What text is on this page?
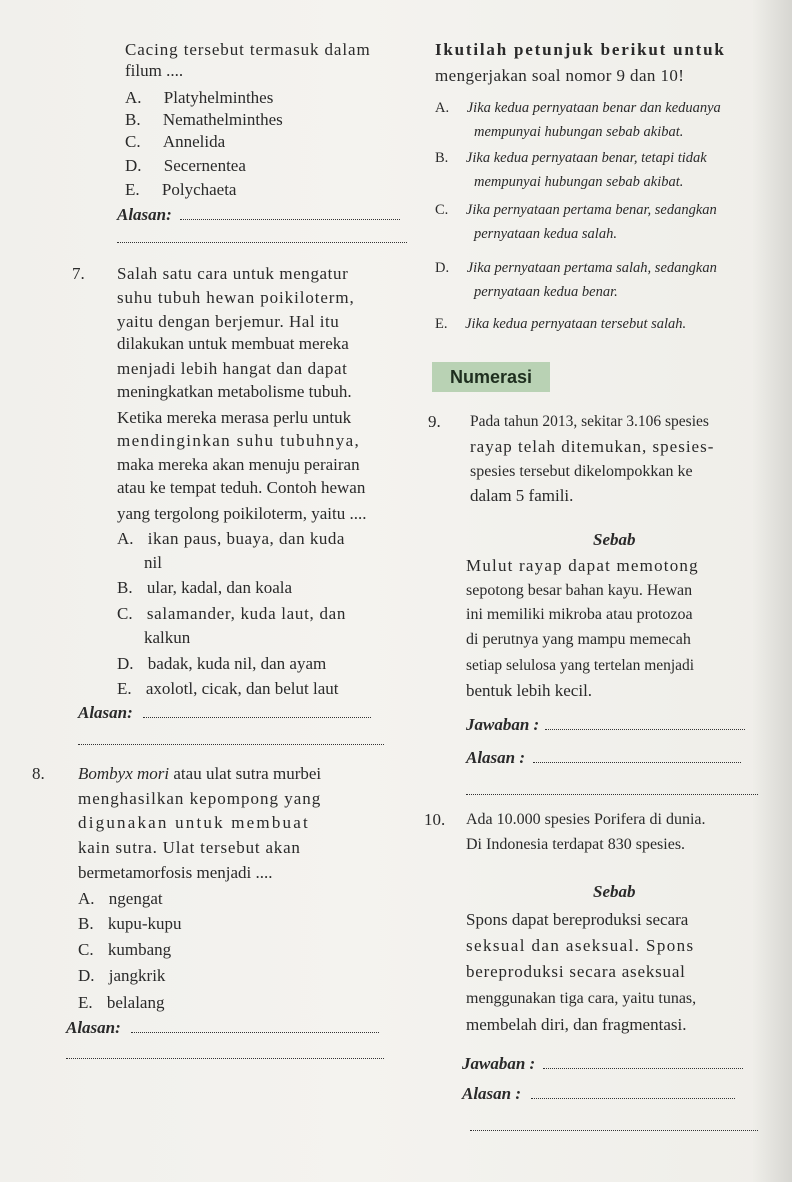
Cacing tersebut termasuk dalam
filum ....
A. Platyhelminthes
B. Nemathelminthes
C. Annelida
D. Secernentea
E. Polychaeta
Alasan:
7. Salah satu cara untuk mengatur
suhu tubuh hewan poikiloterm,
yaitu dengan berjemur. Hal itu
dilakukan untuk membuat mereka
menjadi lebih hangat dan dapat
meningkatkan metabolisme tubuh.
Ketika mereka merasa perlu untuk
mendinginkan suhu tubuhnya,
maka mereka akan menuju perairan
atau ke tempat teduh. Contoh hewan
yang tergolong poikiloterm, yaitu ....
A. ikan paus, buaya, dan kuda
nil
B. ular, kadal, dan koala
C. salamander, kuda laut, dan
kalkun
D. badak, kuda nil, dan ayam
E. axolotl, cicak, dan belut laut
Alasan:
8. Bombyx mori atau ulat sutra murbei
menghasilkan kepompong yang
digunakan untuk membuat
kain sutra. Ulat tersebut akan
bermetamorfosis menjadi ....
A. ngengat
B. kupu-kupu
C. kumbang
D. jangkrik
E. belalang
Alasan:
Ikutilah petunjuk berikut untuk
mengerjakan soal nomor 9 dan 10!
A. Jika kedua pernyataan benar dan keduanya
mempunyai hubungan sebab akibat.
B. Jika kedua pernyataan benar, tetapi tidak
mempunyai hubungan sebab akibat.
C. Jika pernyataan pertama benar, sedangkan
pernyataan kedua salah.
D. Jika pernyataan pertama salah, sedangkan
pernyataan kedua benar.
E. Jika kedua pernyataan tersebut salah.
Numerasi
9. Pada tahun 2013, sekitar 3.106 spesies
rayap telah ditemukan, spesies-
spesies tersebut dikelompokkan ke
dalam 5 famili.
Sebab
Mulut rayap dapat memotong
sepotong besar bahan kayu. Hewan
ini memiliki mikroba atau protozoa
di perutnya yang mampu memecah
setiap selulosa yang tertelan menjadi
bentuk lebih kecil.
Jawaban :
Alasan :
10. Ada 10.000 spesies Porifera di dunia.
Di Indonesia terdapat 830 spesies.
Sebab
Spons dapat bereproduksi secara
seksual dan aseksual. Spons
bereproduksi secara aseksual
menggunakan tiga cara, yaitu tunas,
membelah diri, dan fragmentasi.
Jawaban :
Alasan :
